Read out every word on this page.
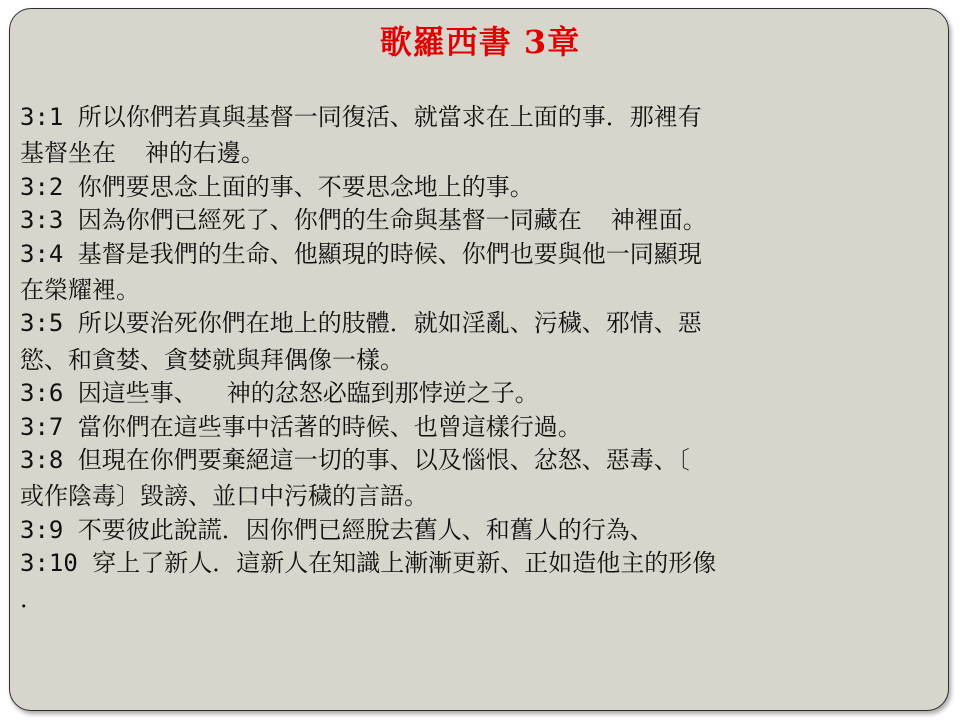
歌羅西書 3章
3:1 所以你們若真與基督一同復活、就當求在上面的事．那裡有
基督坐在  神的右邊。
3:2 你們要思念上面的事、不要思念地上的事。
3:3 因為你們已經死了、你們的生命與基督一同藏在  神裡面。
3:4 基督是我們的生命、他顯現的時候、你們也要與他一同顯現
在榮耀裡。
3:5 所以要治死你們在地上的肢體．就如淫亂、污穢、邪情、惡
慾、和貪婪、貪婪就與拜偶像一樣。
3:6 因這些事、  神的忿怒必臨到那悖逆之子。
3:7 當你們在這些事中活著的時候、也曾這樣行過。
3:8 但現在你們要棄絕這一切的事、以及惱恨、忿怒、惡毒、〔
或作陰毒〕毀謗、並口中污穢的言語。
3:9 不要彼此說謊．因你們已經脫去舊人、和舊人的行為、
3:10 穿上了新人．這新人在知識上漸漸更新、正如造他主的形像
．
